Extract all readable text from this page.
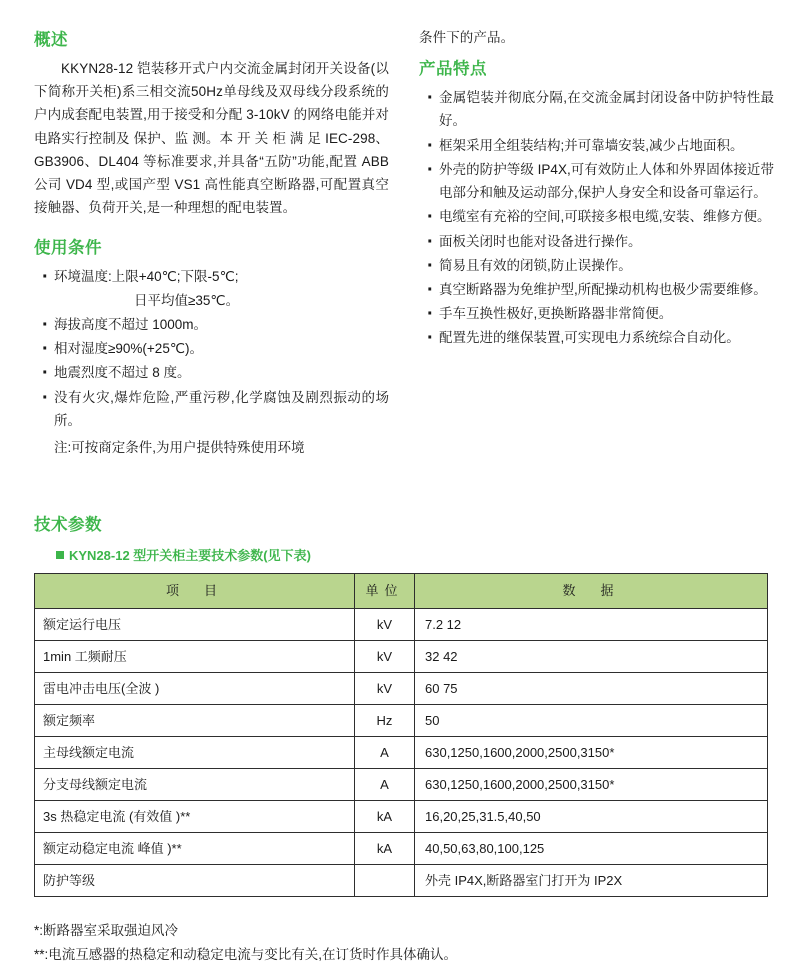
概述

KKYN28-12 铠装移开式户内交流金属封闭开关设备(以下简称开关柜)系三相交流50Hz单母线及双母线分段系统的户内成套配电装置,用于接受和分配 3-10kV 的网络电能并对电路实行控制及 保护、监 测。本 开 关 柜 满 足 IEC-298、GB3906、DL404 等标准要求,并具备“五防”功能,配置 ABB 公司 VD4 型,或国产型 VS1 高性能真空断路器,可配置真空接触器、负荷开关,是一种理想的配电装置。

使用条件
· 环境温度:上限+40℃;下限-5℃;
日平均值≥35℃。
· 海拔高度不超过 1000m。
· 相对湿度≥90%(+25℃)。
· 地震烈度不超过 8 度。
· 没有火灾,爆炸危险,严重污秽,化学腐蚀及剧烈振动的场所。
注:可按商定条件,为用户提供特殊使用环境

条件下的产品。

产品特点
· 金属铠装并彻底分隔,在交流金属封闭设备中防护特性最好。
· 框架采用全组装结构;并可靠墙安装,减少占地面积。
· 外壳的防护等级 IP4X,可有效防止人体和外界固体接近带电部分和触及运动部分,保护人身安全和设备可靠运行。
· 电缆室有充裕的空间,可联接多根电缆,安装、维修方便。
· 面板关闭时也能对设备进行操作。
· 简易且有效的闭锁,防止误操作。
· 真空断路器为免维护型,所配操动机构也极少需要维修。
· 手车互换性极好,更换断路器非常简便。
· 配置先进的继保装置,可实现电力系统综合自动化。
技术参数
KYN28-12 型开关柜主要技术参数(见下表)
项　目	单位	数　据
额定运行电压	kV	7.2 12
1min 工频耐压	kV	32 42
雷电冲击电压(全波 )	kV	60 75
额定频率	Hz	50
主母线额定电流	A	630,1250,1600,2000,2500,3150*
分支母线额定电流	A	630,1250,1600,2000,2500,3150*
3s 热稳定电流 (有效值 )**	kA	16,20,25,31.5,40,50
额定动稳定电流 峰值 )**	kA	40,50,63,80,100,125
防护等级		外壳 IP4X,断路器室门打开为 IP2X
*:断路器室采取强迫风冷
**:电流互感器的热稳定和动稳定电流与变比有关,在订货时作具体确认。
